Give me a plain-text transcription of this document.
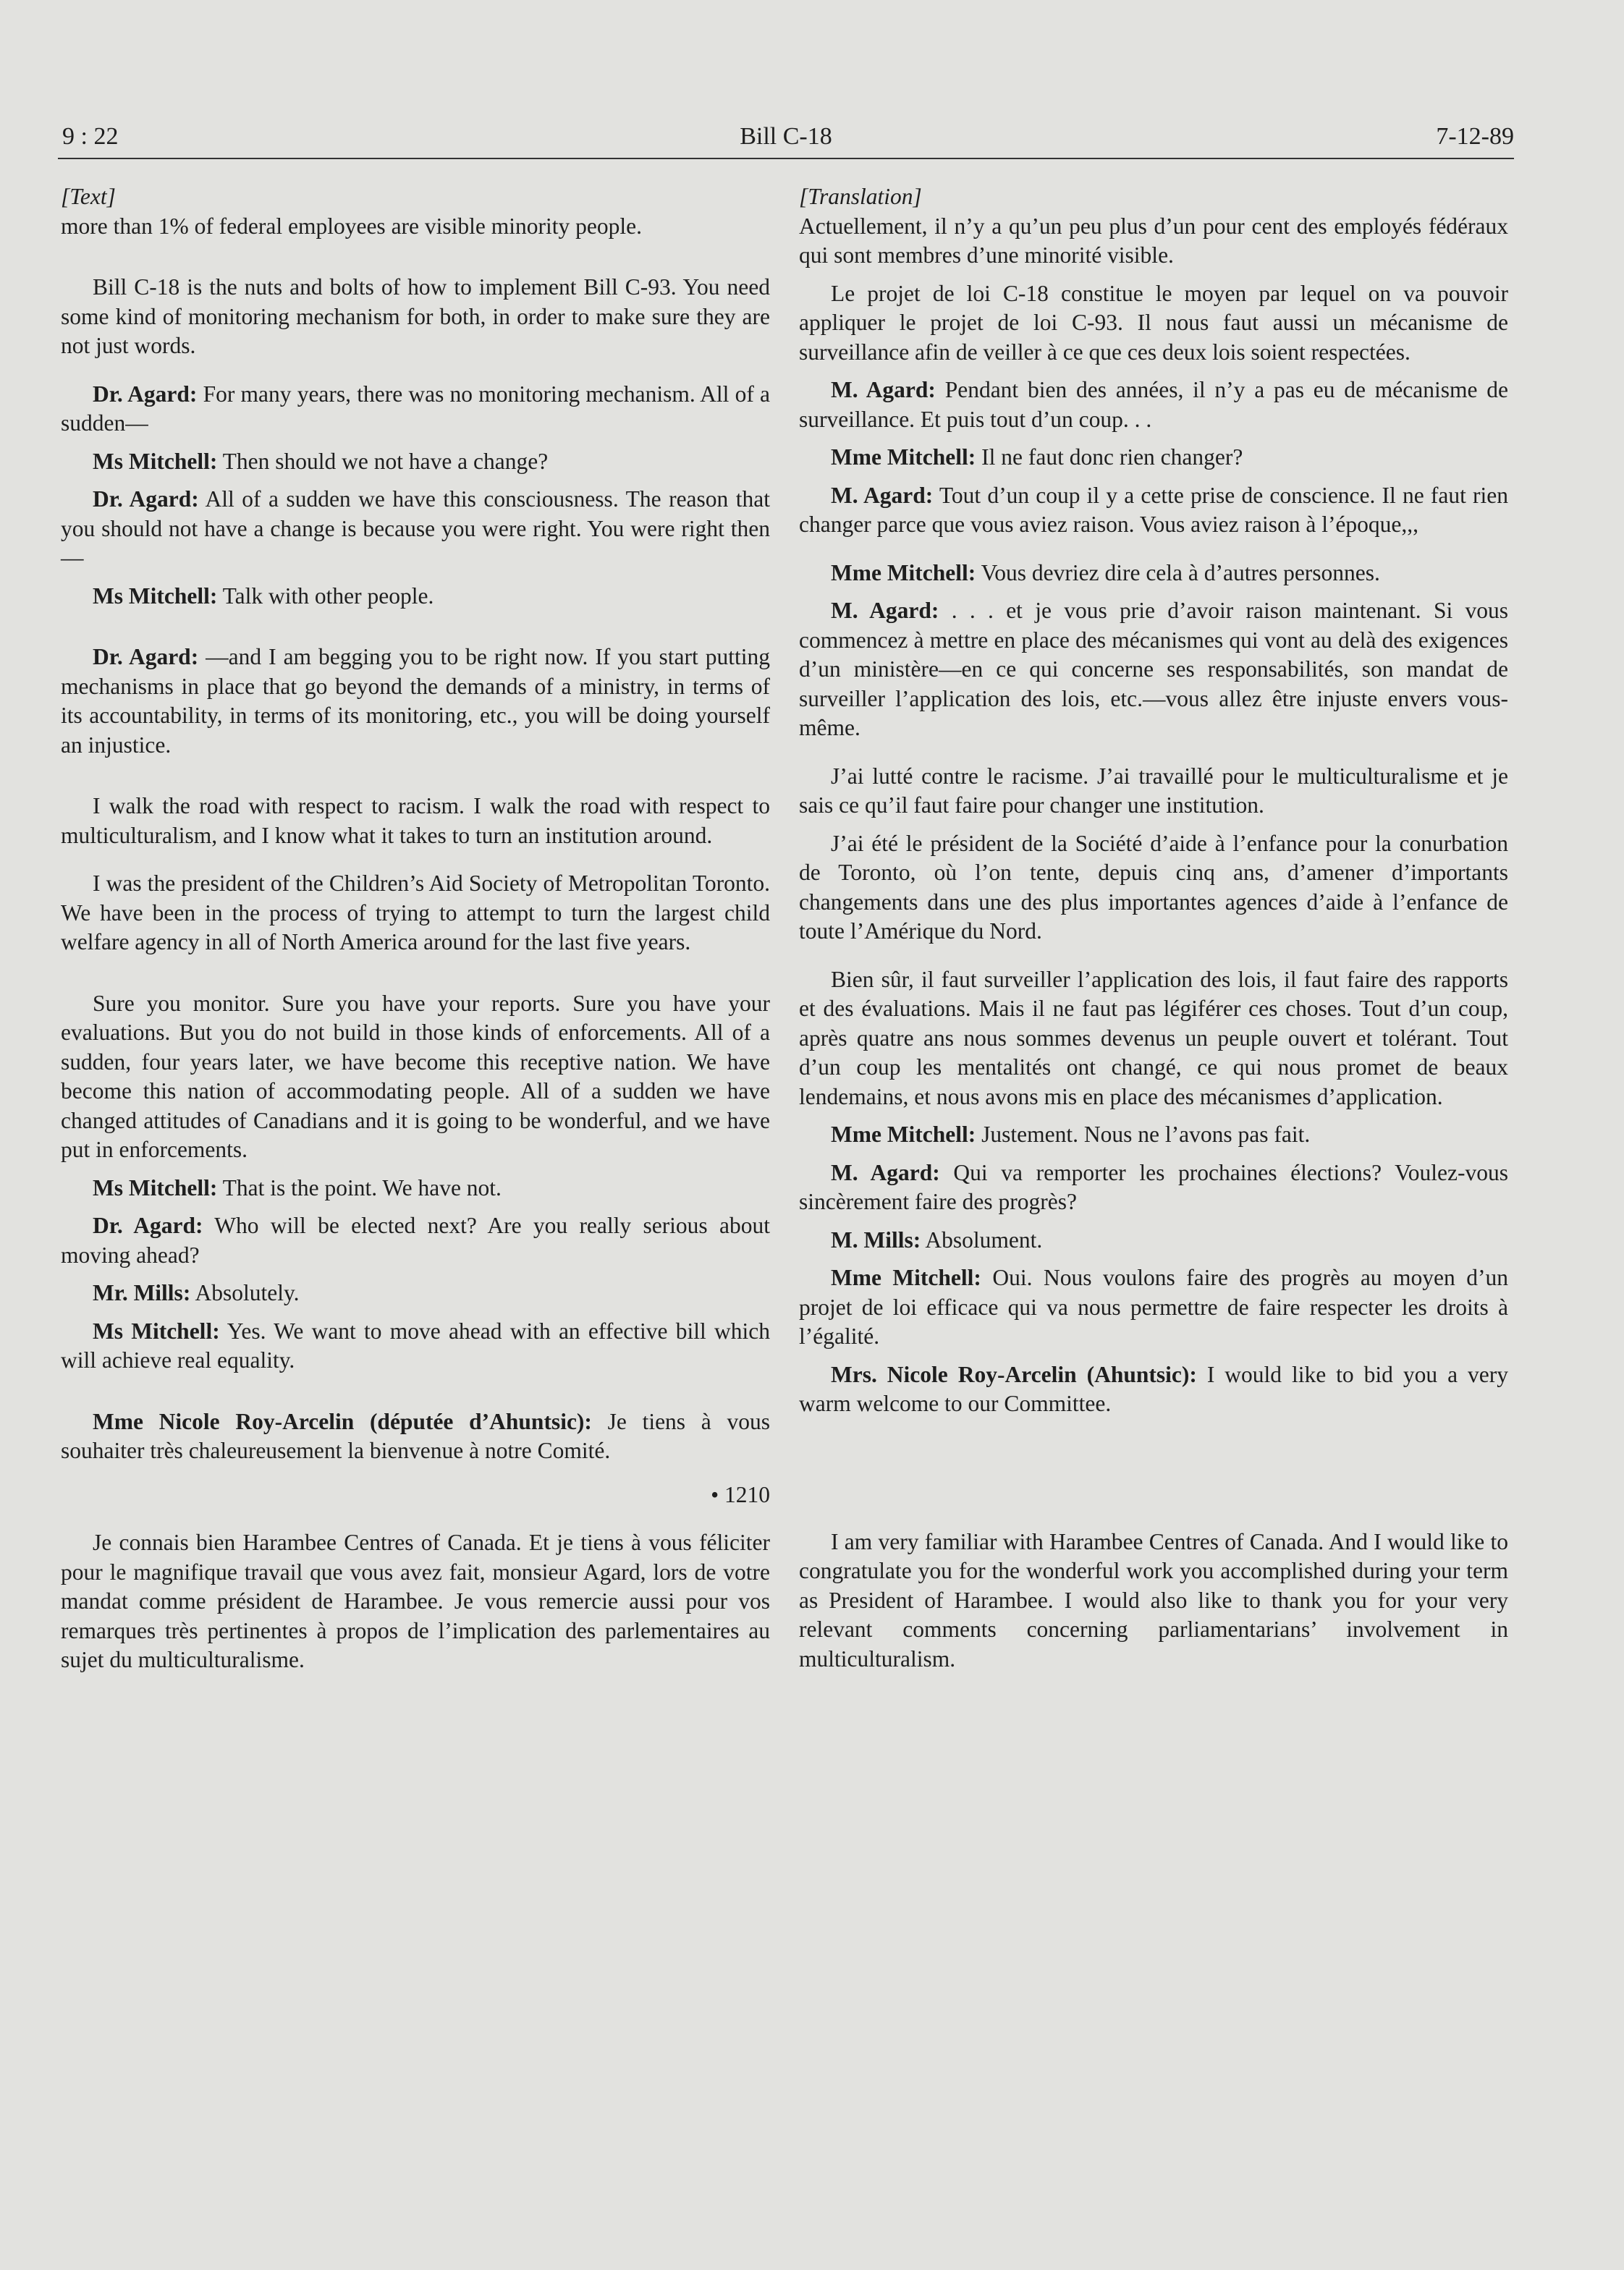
9 : 22	Bill C-18	7-12-89

[Text]

more than 1% of federal employees are visible minority people.

Bill C-18 is the nuts and bolts of how to implement Bill C-93. You need some kind of monitoring mechanism for both, in order to make sure they are not just words.

Dr. Agard: For many years, there was no monitoring mechanism. All of a sudden—

Ms Mitchell: Then should we not have a change?

Dr. Agard: All of a sudden we have this consciousness. The reason that you should not have a change is because you were right. You were right then—

Ms Mitchell: Talk with other people.

Dr. Agard: —and I am begging you to be right now. If you start putting mechanisms in place that go beyond the demands of a ministry, in terms of its accountability, in terms of its monitoring, etc., you will be doing yourself an injustice.

I walk the road with respect to racism. I walk the road with respect to multiculturalism, and I know what it takes to turn an institution around.

I was the president of the Children’s Aid Society of Metropolitan Toronto. We have been in the process of trying to attempt to turn the largest child welfare agency in all of North America around for the last five years.

Sure you monitor. Sure you have your reports. Sure you have your evaluations. But you do not build in those kinds of enforcements. All of a sudden, four years later, we have become this receptive nation. We have become this nation of accommodating people. All of a sudden we have changed attitudes of Canadians and it is going to be wonderful, and we have put in enforcements.

Ms Mitchell: That is the point. We have not.

Dr. Agard: Who will be elected next? Are you really serious about moving ahead?

Mr. Mills: Absolutely.

Ms Mitchell: Yes. We want to move ahead with an effective bill which will achieve real equality.

Mme Nicole Roy-Arcelin (députée d’Ahuntsic): Je tiens à vous souhaiter très chaleureusement la bienvenue à notre Comité.

• 1210

Je connais bien Harambee Centres of Canada. Et je tiens à vous féliciter pour le magnifique travail que vous avez fait, monsieur Agard, lors de votre mandat comme président de Harambee. Je vous remercie aussi pour vos remarques très pertinentes à propos de l’implication des parlementaires au sujet du multiculturalisme.

[Translation]

Actuellement, il n’y a qu’un peu plus d’un pour cent des employés fédéraux qui sont membres d’une minorité visible.

Le projet de loi C-18 constitue le moyen par lequel on va pouvoir appliquer le projet de loi C-93. Il nous faut aussi un mécanisme de surveillance afin de veiller à ce que ces deux lois soient respectées.

M. Agard: Pendant bien des années, il n’y a pas eu de mécanisme de surveillance. Et puis tout d’un coup. . .

Mme Mitchell: Il ne faut donc rien changer?

M. Agard: Tout d’un coup il y a cette prise de conscience. Il ne faut rien changer parce que vous aviez raison. Vous aviez raison à l’époque,,,

Mme Mitchell: Vous devriez dire cela à d’autres personnes.

M. Agard: . . . et je vous prie d’avoir raison maintenant. Si vous commencez à mettre en place des mécanismes qui vont au delà des exigences d’un ministère—en ce qui concerne ses responsabilités, son mandat de surveiller l’application des lois, etc.—vous allez être injuste envers vous-même.

J’ai lutté contre le racisme. J’ai travaillé pour le multiculturalisme et je sais ce qu’il faut faire pour changer une institution.

J’ai été le président de la Société d’aide à l’enfance pour la conurbation de Toronto, où l’on tente, depuis cinq ans, d’amener d’importants changements dans une des plus importantes agences d’aide à l’enfance de toute l’Amérique du Nord.

Bien sûr, il faut surveiller l’application des lois, il faut faire des rapports et des évaluations. Mais il ne faut pas légiférer ces choses. Tout d’un coup, après quatre ans nous sommes devenus un peuple ouvert et tolérant. Tout d’un coup les mentalités ont changé, ce qui nous promet de beaux lendemains, et nous avons mis en place des mécanismes d’application.

Mme Mitchell: Justement. Nous ne l’avons pas fait.

M. Agard: Qui va remporter les prochaines élections? Voulez-vous sincèrement faire des progrès?

M. Mills: Absolument.

Mme Mitchell: Oui. Nous voulons faire des progrès au moyen d’un projet de loi efficace qui va nous permettre de faire respecter les droits à l’égalité.

Mrs. Nicole Roy-Arcelin (Ahuntsic): I would like to bid you a very warm welcome to our Committee.

I am very familiar with Harambee Centres of Canada. And I would like to congratulate you for the wonderful work you accomplished during your term as President of Harambee. I would also like to thank you for your very relevant comments concerning parliamentarians’ involvement in multiculturalism.
